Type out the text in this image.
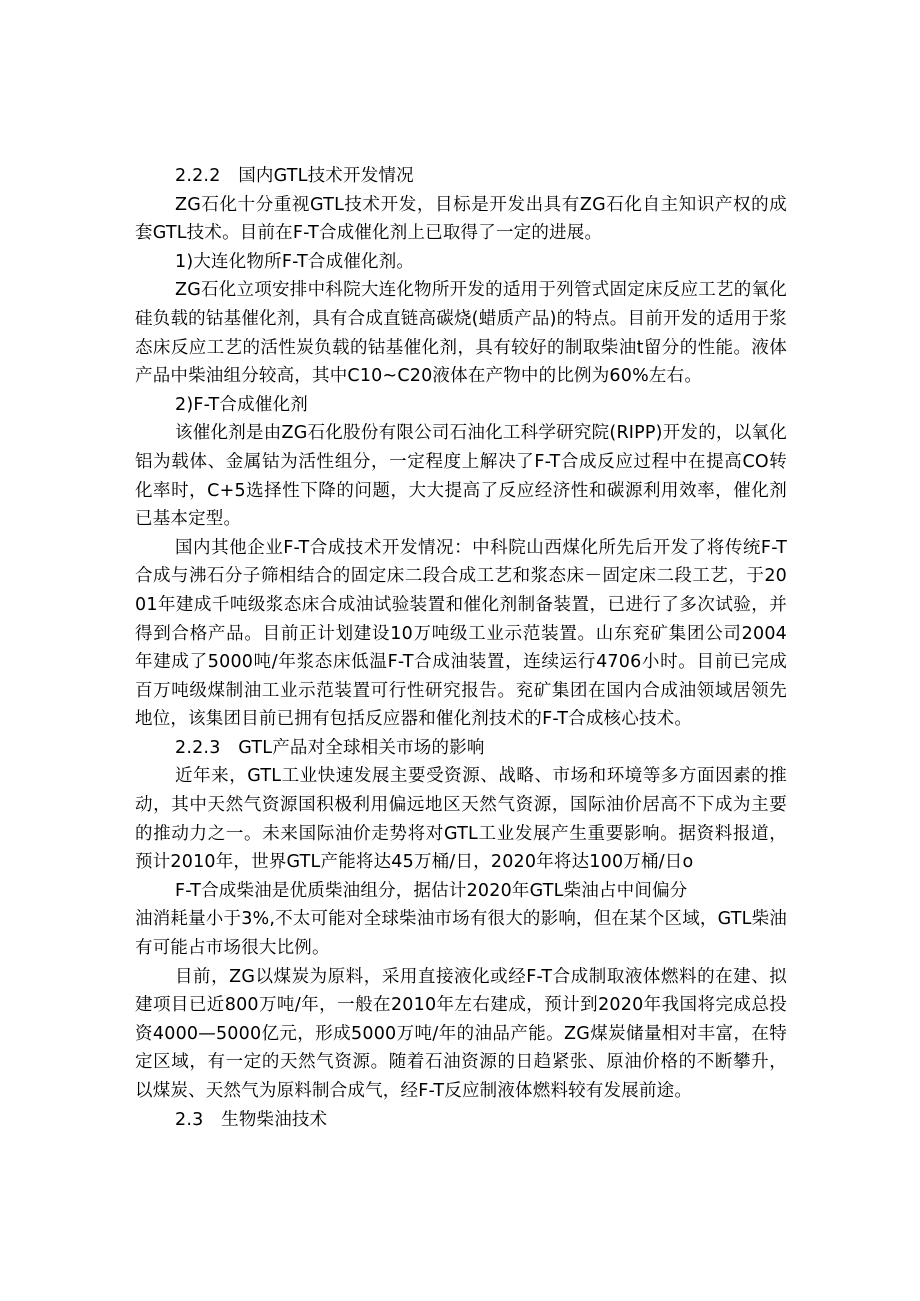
2.2.2　国内GTL技术开发情况

ZG石化十分重视GTL技术开发，目标是开发出具有ZG石化自主知识产权的成套GTL技术。目前在F-T合成催化剂上已取得了一定的进展。

1)大连化物所F-T合成催化剂。

ZG石化立项安排中科院大连化物所开发的适用于列管式固定床反应工艺的氧化硅负载的钴基催化剂，具有合成直链高碳烧(蜡质产品)的特点。目前开发的适用于浆态床反应工艺的活性炭负载的钴基催化剂，具有较好的制取柴油t留分的性能。液体产品中柴油组分较高，其中C10~C20液体在产物中的比例为60%左右。

2)F-T合成催化剂

该催化剂是由ZG石化股份有限公司石油化工科学研究院(RIPP)开发的，以氧化铝为载体、金属钴为活性组分，一定程度上解决了F-T合成反应过程中在提高CO转化率时，C+5选择性下降的问题，大大提高了反应经济性和碳源利用效率，催化剂已基本定型。

国内其他企业F-T合成技术开发情况：中科院山西煤化所先后开发了将传统F-T合成与沸石分子筛相结合的固定床二段合成工艺和浆态床－固定床二段工艺，于2001年建成千吨级浆态床合成油试验装置和催化剂制备装置，已进行了多次试验，并得到合格产品。目前正计划建设10万吨级工业示范装置。山东兖矿集团公司2004年建成了5000吨/年浆态床低温F-T合成油装置，连续运行4706小时。目前已完成百万吨级煤制油工业示范装置可行性研究报告。兖矿集团在国内合成油领域居领先地位，该集团目前已拥有包括反应器和催化剂技术的F-T合成核心技术。

2.2.3　GTL产品对全球相关市场的影响

近年来，GTL工业快速发展主要受资源、战略、市场和环境等多方面因素的推动，其中天然气资源国积极利用偏远地区天然气资源，国际油价居高不下成为主要的推动力之一。未来国际油价走势将对GTL工业发展产生重要影响。据资料报道，预计2010年，世界GTL产能将达45万桶/日，2020年将达100万桶/日o

F-T合成柴油是优质柴油组分，据估计2020年GTL柴油占中间偏分

油消耗量小于3%,不太可能对全球柴油市场有很大的影响，但在某个区域，GTL柴油有可能占市场很大比例。

目前，ZG以煤炭为原料，采用直接液化或经F-T合成制取液体燃料的在建、拟建项目已近800万吨/年，一般在2010年左右建成，预计到2020年我国将完成总投资4000—5000亿元，形成5000万吨/年的油品产能。ZG煤炭储量相对丰富，在特定区域，有一定的天然气资源。随着石油资源的日趋紧张、原油价格的不断攀升，以煤炭、天然气为原料制合成气，经F-T反应制液体燃料较有发展前途。

2.3　生物柴油技术
